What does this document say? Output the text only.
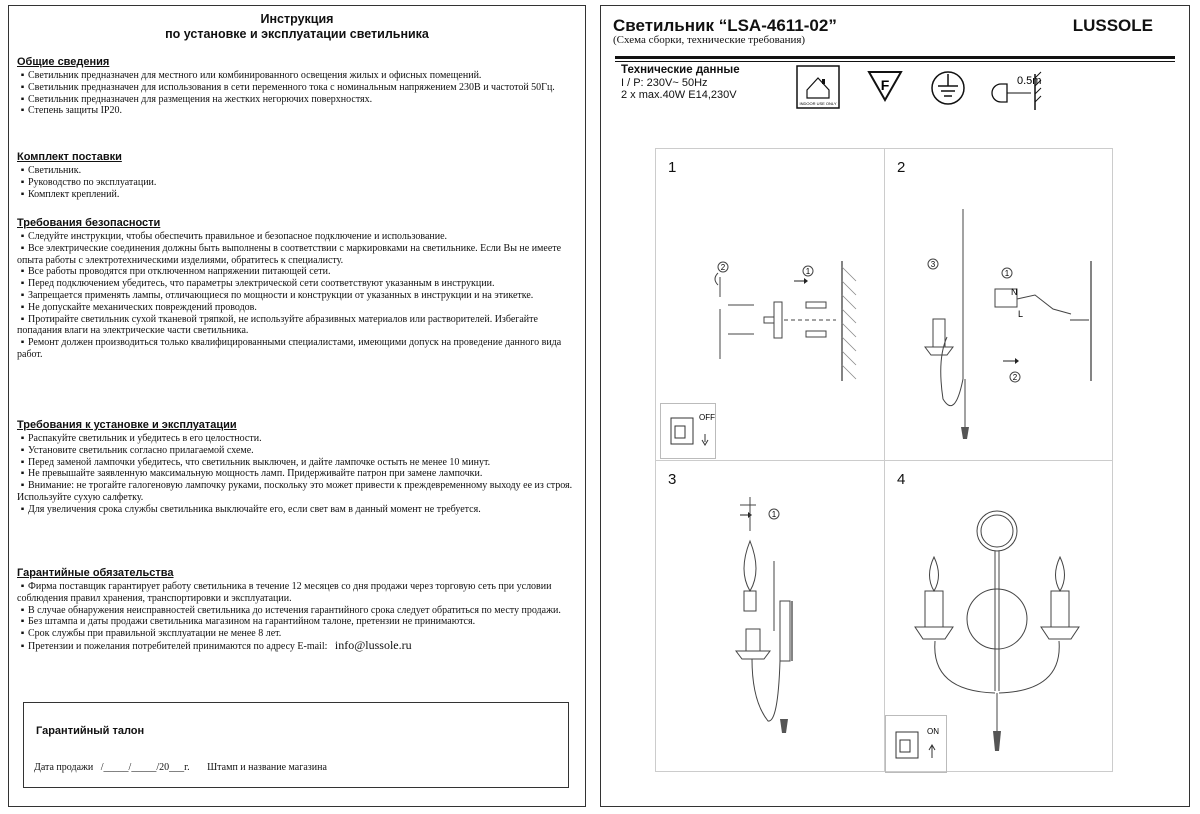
Инструкция
по установке и эксплуатации светильника
Общие сведения
▪ Светильник предназначен для местного или комбинированного освещения жилых и офисных помещений.
▪ Светильник предназначен для использования в сети переменного тока с номинальным напряжением 230В и частотой 50Гц.
▪ Светильник предназначен для размещения на жестких негорючих поверхностях.
▪ Степень защиты IP20.
Комплект поставки
▪ Светильник.
▪ Руководство по эксплуатации.
▪ Комплект креплений.
Требования безопасности
▪ Следуйте инструкции, чтобы обеспечить правильное и безопасное подключение и использование.
▪ Все электрические соединения должны быть выполнены в соответствии с маркировками на светильнике. Если Вы не имеете опыта работы с электротехническими изделиями, обратитесь к специалисту.
▪ Все работы проводятся при отключенном напряжении питающей сети.
▪ Перед подключением убедитесь, что параметры электрической сети соответствуют указанным в инструкции.
▪ Запрещается применять лампы, отличающиеся по мощности и конструкции от указанных в инструкции и на этикетке.
▪ Не допускайте механических повреждений проводов.
▪ Протирайте светильник сухой тканевой тряпкой, не используйте абразивных материалов или растворителей. Избегайте попадания влаги на электрические части светильника.
▪ Ремонт должен производиться только квалифицированными специалистами, имеющими допуск на проведение данного вида работ.
Требования к установке и эксплуатации
▪ Распакуйте светильник и убедитесь в его целостности.
▪ Установите светильник согласно прилагаемой схеме.
▪ Перед заменой лампочки убедитесь, что светильник выключен, и дайте лампочке остыть не менее 10 минут.
▪ Не превышайте заявленную максимальную мощность ламп. Придерживайте патрон при замене лампочки.
▪ Внимание: не трогайте галогеновую лампочку руками, поскольку это может привести к преждевременному выходу ее из строя. Используйте сухую салфетку.
▪ Для увеличения срока службы светильника выключайте его, если свет вам в данный момент не требуется.
Гарантийные обязательства
▪ Фирма поставщик гарантирует работу светильника в течение 12 месяцев со дня продажи через торговую сеть при условии соблюдения правил хранения, транспортировки и эксплуатации.
▪ В случае обнаружения неисправностей светильника до истечения гарантийного срока следует обратиться по месту продажи.
▪ Без штампа и даты продажи светильника магазином на гарантийном талоне, претензии не принимаются.
▪ Срок службы при правильной эксплуатации не менее 8 лет.
▪ Претензии и пожелания потребителей принимаются по адресу E-mail: info@lussole.ru
Гарантийный талон
Дата продажи   /_____/_____/20___г.       Штамп и название магазина
Светильник “LSA-4611-02”	LUSSOLE
(Схема сборки, технические требования)
Технические данные
I / P: 230V~ 50Hz
2 x max.40W E14,230V
INDOOR USE ONLY
F	0.5m
1
1
2
OFF
2
1
N
L
3
2
3
1
4
ON
